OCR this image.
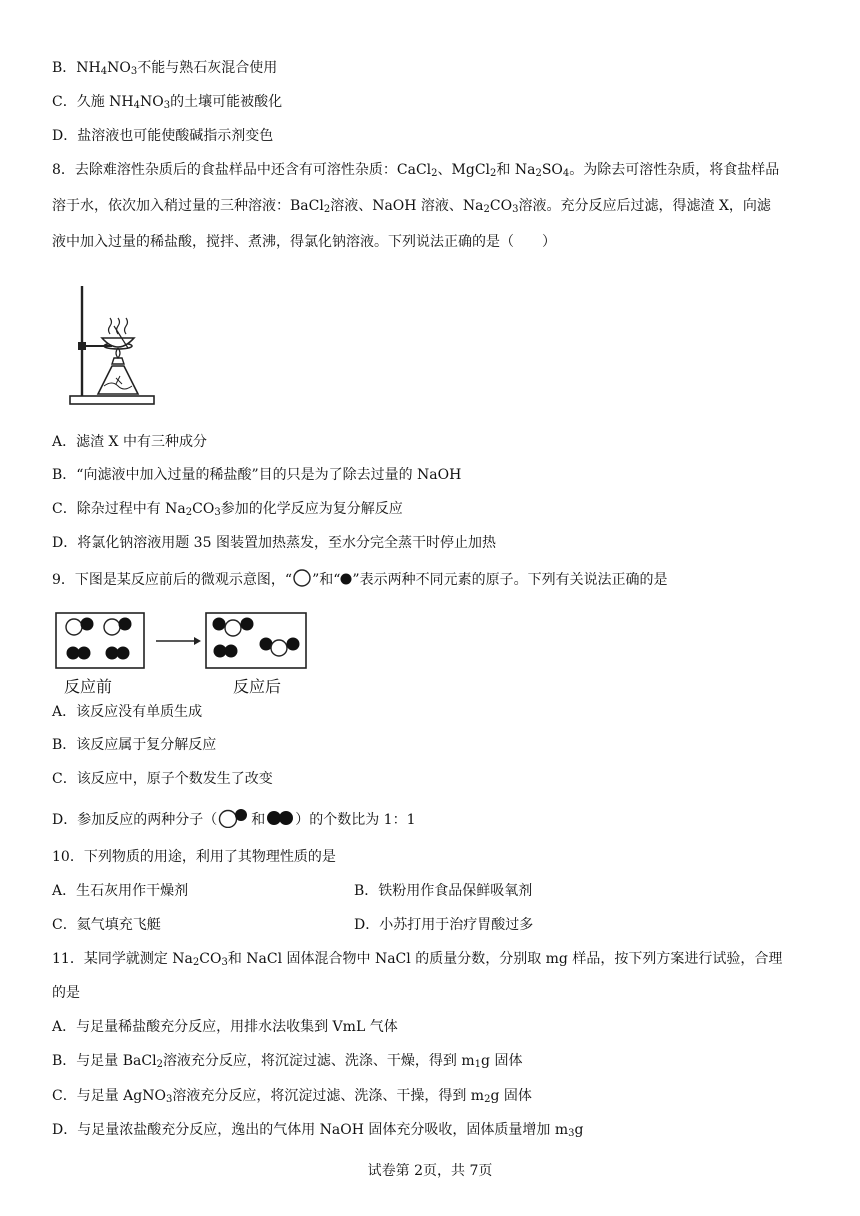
B．$NH_4NO_3$不能与熟石灰混合使用
C．久施 $NH_4NO_3$的土壤可能被酸化
D．盐溶液也可能使酸碱指示剂变色
8．去除难溶性杂质后的食盐样品中还含有可溶性杂质：CaCl$_2$、MgCl$_2$和 $Na_2SO_4$。为除去可溶性杂质，将食盐样品
溶于水，依次加入稍过量的三种溶液：BaCl$_2$溶液、NaOH 溶液、$Na_2CO_3$溶液。充分反应后过滤，得滤渣 X，向滤
液中加入过量的稀盐酸，搅拌、煮沸，得氯化钠溶液。下列说法正确的是（　　）
A．滤渣 X 中有三种成分
B．“向滤液中加入过量的稀盐酸”目的只是为了除去过量的 NaOH
C．除杂过程中有 $Na_2CO_3$参加的化学反应为复分解反应
D．将氯化钠溶液用题 35 图装置加热蒸发，至水分完全蒸干时停止加热
9．下图是某反应前后的微观示意图，“ ”和“ ”表示两种不同元素的原子。下列有关说法正确的是
反应前	反应后
A．该反应没有单质生成
B．该反应属于复分解反应
C．该反应中，原子个数发生了改变
D．参加反应的两种分子（ 和 ）的个数比为 1：1
10．下列物质的用途，利用了其物理性质的是
A．生石灰用作干燥剂	B．铁粉用作食品保鲜吸氧剂
C．氦气填充飞艇	D．小苏打用于治疗胃酸过多
11．某同学就测定 $Na_2CO_3$和 NaCl 固体混合物中 NaCl 的质量分数，分别取 mg 样品，按下列方案进行试验，合理
的是
A．与足量稀盐酸充分反应，用排水法收集到 VmL 气体
B．与足量 BaCl$_2$溶液充分反应，将沉淀过滤、洗涤、干燥，得到 $m_1g$ 固体
C．与足量 AgNO$_3$溶液充分反应，将沉淀过滤、洗涤、干操，得到 $m_2g$ 固体
D．与足量浓盐酸充分反应，逸出的气体用 NaOH 固体充分吸收，固体质量增加 $m_3g$
试卷第 2页，共 7页
